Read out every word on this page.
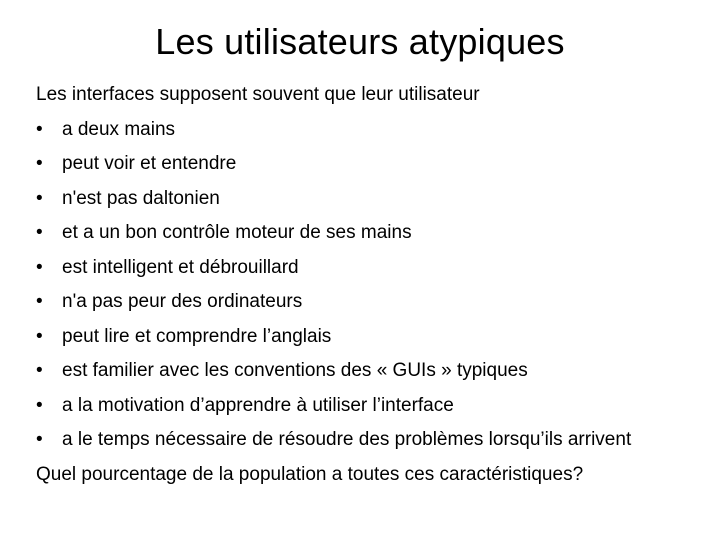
Les utilisateurs atypiques
Les interfaces supposent souvent que leur utilisateur
•	a deux mains
•	peut voir et entendre
•	n'est pas daltonien
•	et a un bon contrôle moteur de ses mains
•	est intelligent et débrouillard
•	n'a pas peur des ordinateurs
•	peut lire et comprendre l’anglais
•	est familier avec les conventions des « GUIs » typiques
•	a la motivation d’apprendre à utiliser l’interface
•	a le temps nécessaire de résoudre des problèmes lorsqu’ils arrivent
Quel pourcentage de la population a toutes ces caractéristiques?
